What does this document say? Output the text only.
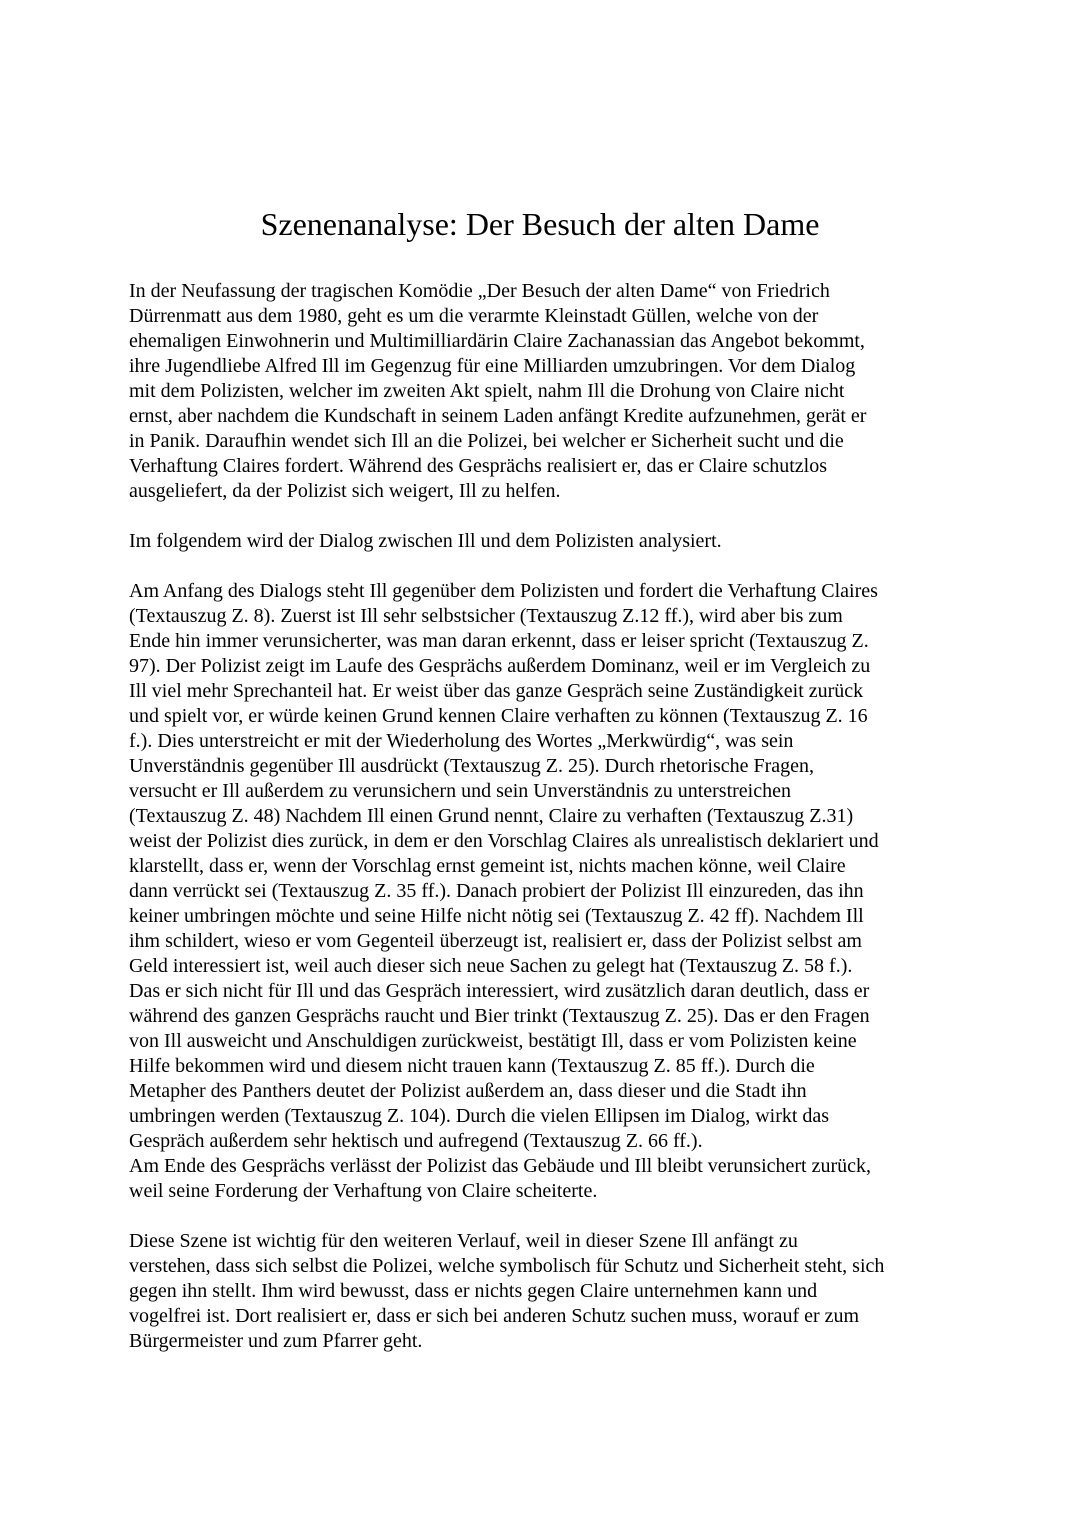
Szenenanalyse: Der Besuch der alten Dame

In der Neufassung der tragischen Komödie „Der Besuch der alten Dame“ von Friedrich
Dürrenmatt aus dem 1980, geht es um die verarmte Kleinstadt Güllen, welche von der
ehemaligen Einwohnerin und Multimilliardärin Claire Zachanassian das Angebot bekommt,
ihre Jugendliebe Alfred Ill im Gegenzug für eine Milliarden umzubringen. Vor dem Dialog
mit dem Polizisten, welcher im zweiten Akt spielt, nahm Ill die Drohung von Claire nicht
ernst, aber nachdem die Kundschaft in seinem Laden anfängt Kredite aufzunehmen, gerät er
in Panik. Daraufhin wendet sich Ill an die Polizei, bei welcher er Sicherheit sucht und die
Verhaftung Claires fordert. Während des Gesprächs realisiert er, das er Claire schutzlos
ausgeliefert, da der Polizist sich weigert, Ill zu helfen.

Im folgendem wird der Dialog zwischen Ill und dem Polizisten analysiert.

Am Anfang des Dialogs steht Ill gegenüber dem Polizisten und fordert die Verhaftung Claires
(Textauszug Z. 8). Zuerst ist Ill sehr selbstsicher (Textauszug Z.12 ff.), wird aber bis zum
Ende hin immer verunsicherter, was man daran erkennt, dass er leiser spricht (Textauszug Z.
97). Der Polizist zeigt im Laufe des Gesprächs außerdem Dominanz, weil er im Vergleich zu
Ill viel mehr Sprechanteil hat. Er weist über das ganze Gespräch seine Zuständigkeit zurück
und spielt vor, er würde keinen Grund kennen Claire verhaften zu können (Textauszug Z. 16
f.). Dies unterstreicht er mit der Wiederholung des Wortes „Merkwürdig“, was sein
Unverständnis gegenüber Ill ausdrückt (Textauszug Z. 25). Durch rhetorische Fragen,
versucht er Ill außerdem zu verunsichern und sein Unverständnis zu unterstreichen
(Textauszug Z. 48) Nachdem Ill einen Grund nennt, Claire zu verhaften (Textauszug Z.31)
weist der Polizist dies zurück, in dem er den Vorschlag Claires als unrealistisch deklariert und
klarstellt, dass er, wenn der Vorschlag ernst gemeint ist, nichts machen könne, weil Claire
dann verrückt sei (Textauszug Z. 35 ff.). Danach probiert der Polizist Ill einzureden, das ihn
keiner umbringen möchte und seine Hilfe nicht nötig sei (Textauszug Z. 42 ff). Nachdem Ill
ihm schildert, wieso er vom Gegenteil überzeugt ist, realisiert er, dass der Polizist selbst am
Geld interessiert ist, weil auch dieser sich neue Sachen zu gelegt hat (Textauszug Z. 58 f.).
Das er sich nicht für Ill und das Gespräch interessiert, wird zusätzlich daran deutlich, dass er
während des ganzen Gesprächs raucht und Bier trinkt (Textauszug Z. 25). Das er den Fragen
von Ill ausweicht und Anschuldigen zurückweist, bestätigt Ill, dass er vom Polizisten keine
Hilfe bekommen wird und diesem nicht trauen kann (Textauszug Z. 85 ff.). Durch die
Metapher des Panthers deutet der Polizist außerdem an, dass dieser und die Stadt ihn
umbringen werden (Textauszug Z. 104). Durch die vielen Ellipsen im Dialog, wirkt das
Gespräch außerdem sehr hektisch und aufregend (Textauszug Z. 66 ff.).
Am Ende des Gesprächs verlässt der Polizist das Gebäude und Ill bleibt verunsichert zurück,
weil seine Forderung der Verhaftung von Claire scheiterte.

Diese Szene ist wichtig für den weiteren Verlauf, weil in dieser Szene Ill anfängt zu
verstehen, dass sich selbst die Polizei, welche symbolisch für Schutz und Sicherheit steht, sich
gegen ihn stellt. Ihm wird bewusst, dass er nichts gegen Claire unternehmen kann und
vogelfrei ist. Dort realisiert er, dass er sich bei anderen Schutz suchen muss, worauf er zum
Bürgermeister und zum Pfarrer geht.
